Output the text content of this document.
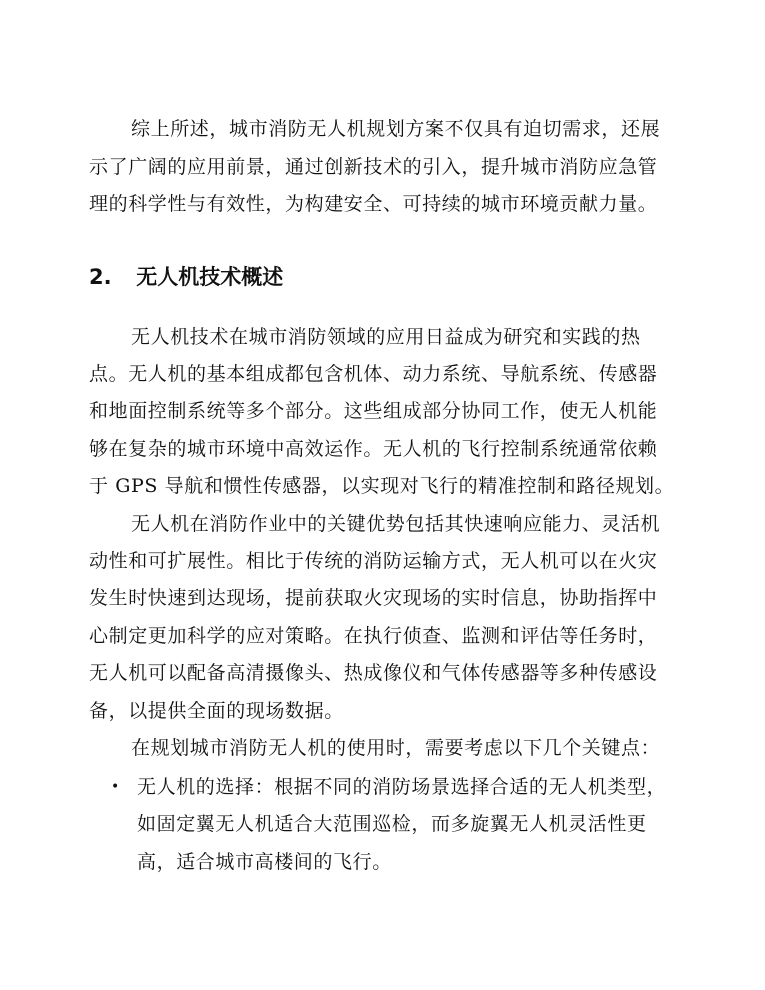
综上所述，城市消防无人机规划方案不仅具有迫切需求，还展
示了广阔的应用前景，通过创新技术的引入，提升城市消防应急管
理的科学性与有效性，为构建安全、可持续的城市环境贡献力量。
2. 无人机技术概述
无人机技术在城市消防领域的应用日益成为研究和实践的热
点。无人机的基本组成都包含机体、动力系统、导航系统、传感器
和地面控制系统等多个部分。这些组成部分协同工作，使无人机能
够在复杂的城市环境中高效运作。无人机的飞行控制系统通常依赖
于 GPS 导航和惯性传感器，以实现对飞行的精准控制和路径规划。
无人机在消防作业中的关键优势包括其快速响应能力、灵活机
动性和可扩展性。相比于传统的消防运输方式，无人机可以在火灾
发生时快速到达现场，提前获取火灾现场的实时信息，协助指挥中
心制定更加科学的应对策略。在执行侦查、监测和评估等任务时，
无人机可以配备高清摄像头、热成像仪和气体传感器等多种传感设
备，以提供全面的现场数据。
在规划城市消防无人机的使用时，需要考虑以下几个关键点：
• 无人机的选择：根据不同的消防场景选择合适的无人机类型，
如固定翼无人机适合大范围巡检，而多旋翼无人机灵活性更
高，适合城市高楼间的飞行。
